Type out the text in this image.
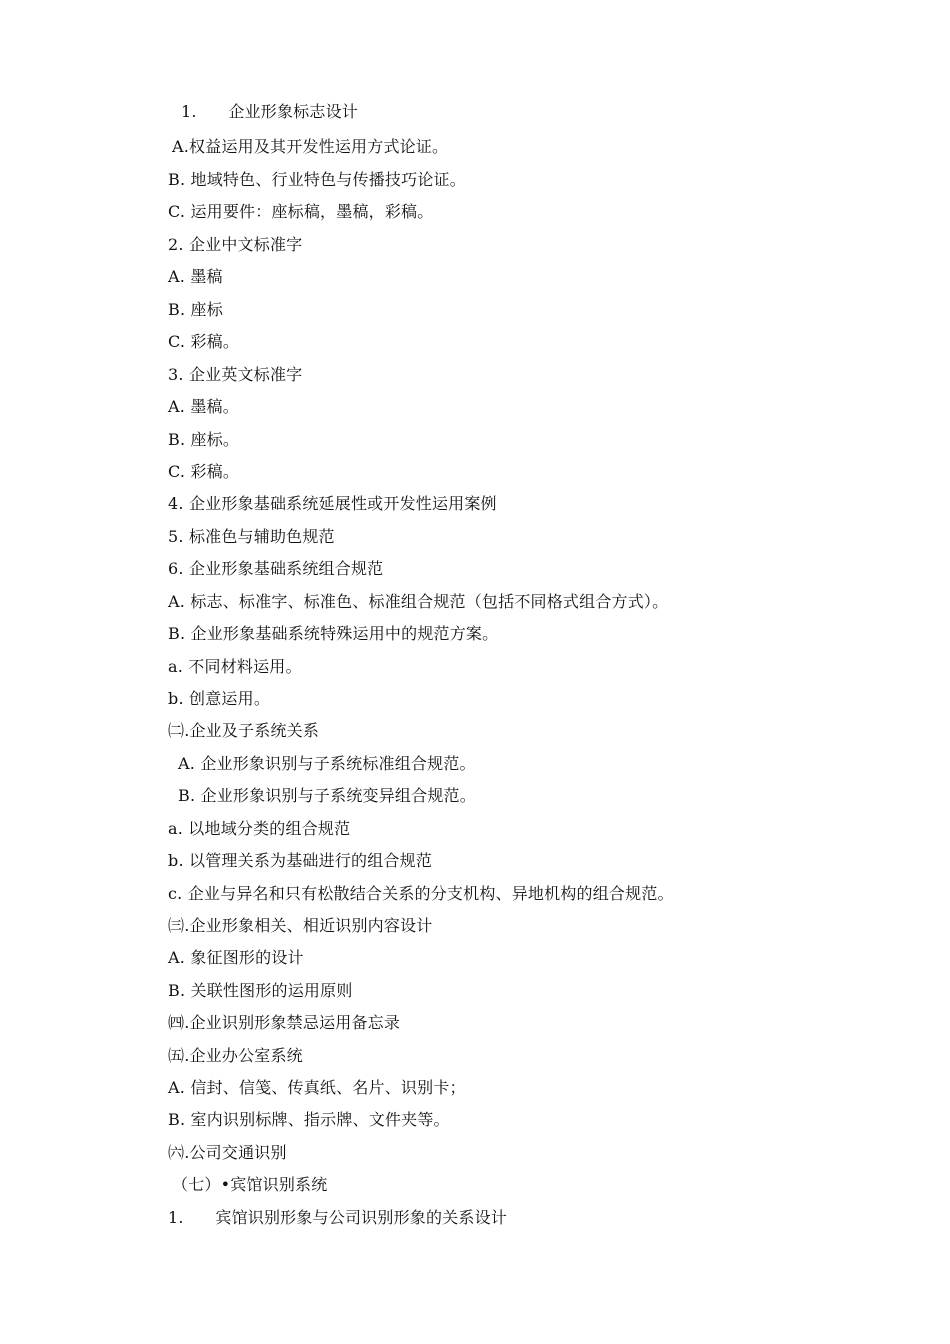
1.      企业形象标志设计
A.权益运用及其开发性运用方式论证。
B. 地域特色、行业特色与传播技巧论证。
C. 运用要件：座标稿，墨稿，彩稿。
2. 企业中文标准字
A. 墨稿
B. 座标
C. 彩稿。
3. 企业英文标准字
A. 墨稿。
B. 座标。
C. 彩稿。
4. 企业形象基础系统延展性或开发性运用案例
5. 标准色与辅助色规范
6. 企业形象基础系统组合规范
A. 标志、标准字、标准色、标准组合规范（包括不同格式组合方式）。
B. 企业形象基础系统特殊运用中的规范方案。
a. 不同材料运用。
b. 创意运用。
㈡.企业及子系统关系
A. 企业形象识别与子系统标准组合规范。
B. 企业形象识别与子系统变异组合规范。
a. 以地域分类的组合规范
b. 以管理关系为基础进行的组合规范
c. 企业与异名和只有松散结合关系的分支机构、异地机构的组合规范。
㈢.企业形象相关、相近识别内容设计
A. 象征图形的设计
B. 关联性图形的运用原则
㈣.企业识别形象禁忌运用备忘录
㈤.企业办公室系统
A. 信封、信笺、传真纸、名片、识别卡；
B. 室内识别标牌、指示牌、文件夹等。
㈥.公司交通识别
（七）•宾馆识别系统
1.      宾馆识别形象与公司识别形象的关系设计
